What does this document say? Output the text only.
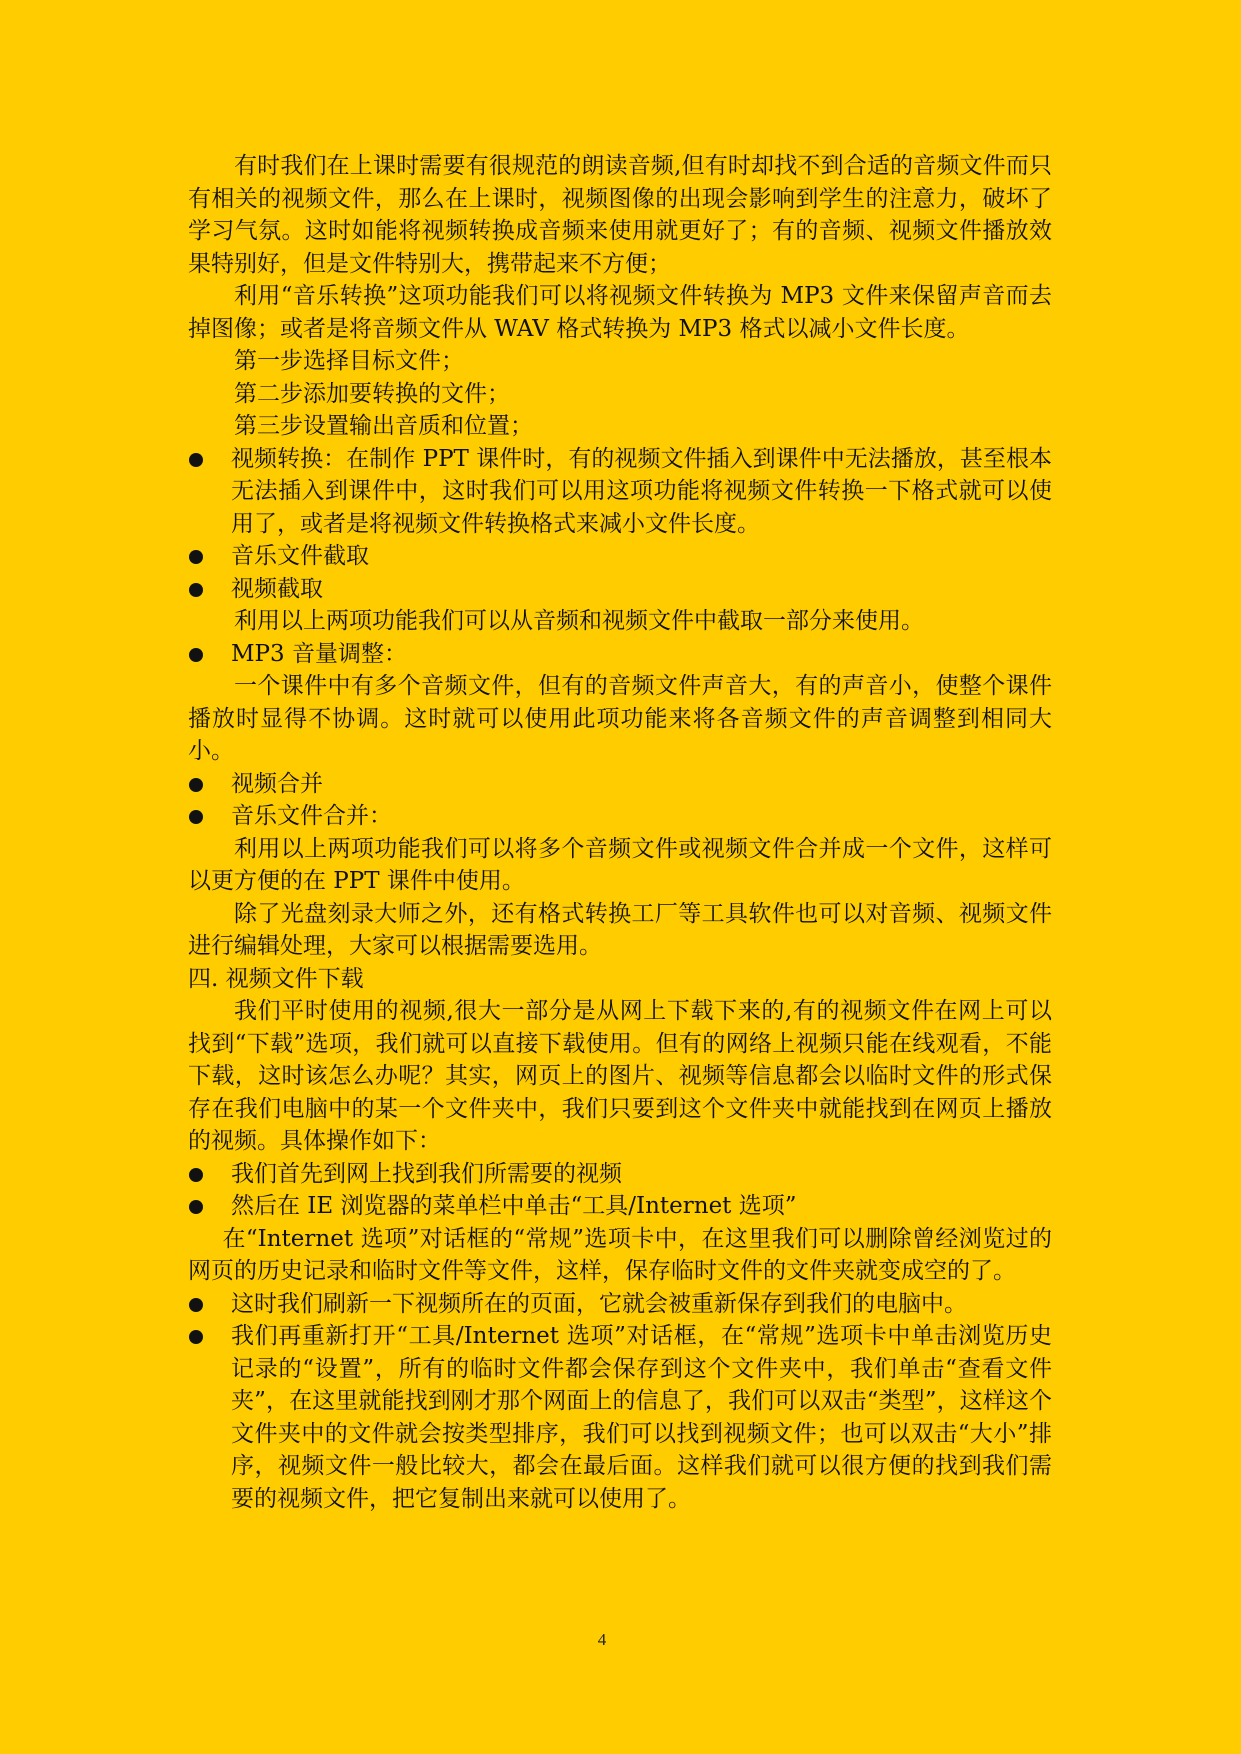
有时我们在上课时需要有很规范的朗读音频,但有时却找不到合适的音频文件而只有相关的视频文件，那么在上课时，视频图像的出现会影响到学生的注意力，破坏了学习气氛。这时如能将视频转换成音频来使用就更好了；有的音频、视频文件播放效果特别好，但是文件特别大，携带起来不方便；

利用“音乐转换”这项功能我们可以将视频文件转换为 MP3 文件来保留声音而去掉图像；或者是将音频文件从 WAV 格式转换为 MP3 格式以减小文件长度。

第一步选择目标文件；

第二步添加要转换的文件；

第三步设置输出音质和位置；

视频转换：在制作 PPT 课件时，有的视频文件插入到课件中无法播放，甚至根本无法插入到课件中，这时我们可以用这项功能将视频文件转换一下格式就可以使用了，或者是将视频文件转换格式来减小文件长度。
音乐文件截取
视频截取

利用以上两项功能我们可以从音频和视频文件中截取一部分来使用。

MP3 音量调整：

一个课件中有多个音频文件，但有的音频文件声音大，有的声音小，使整个课件播放时显得不协调。这时就可以使用此项功能来将各音频文件的声音调整到相同大小。

视频合并
音乐文件合并：

利用以上两项功能我们可以将多个音频文件或视频文件合并成一个文件，这样可以更方便的在 PPT 课件中使用。

除了光盘刻录大师之外，还有格式转换工厂等工具软件也可以对音频、视频文件进行编辑处理，大家可以根据需要选用。

四. 视频文件下载

我们平时使用的视频,很大一部分是从网上下载下来的,有的视频文件在网上可以找到“下载”选项，我们就可以直接下载使用。但有的网络上视频只能在线观看，不能下载，这时该怎么办呢？其实，网页上的图片、视频等信息都会以临时文件的形式保存在我们电脑中的某一个文件夹中，我们只要到这个文件夹中就能找到在网页上播放的视频。具体操作如下：

我们首先到网上找到我们所需要的视频
然后在 IE 浏览器的菜单栏中单击“工具/Internet 选项”

在“Internet 选项”对话框的“常规”选项卡中，在这里我们可以删除曾经浏览过的网页的历史记录和临时文件等文件，这样，保存临时文件的文件夹就变成空的了。

这时我们刷新一下视频所在的页面，它就会被重新保存到我们的电脑中。
我们再重新打开“工具/Internet 选项”对话框，在“常规”选项卡中单击浏览历史记录的“设置”，所有的临时文件都会保存到这个文件夹中，我们单击“查看文件夹”，在这里就能找到刚才那个网面上的信息了，我们可以双击“类型”，这样这个文件夹中的文件就会按类型排序，我们可以找到视频文件；也可以双击“大小”排序，视频文件一般比较大，都会在最后面。这样我们就可以很方便的找到我们需要的视频文件，把它复制出来就可以使用了。
4
